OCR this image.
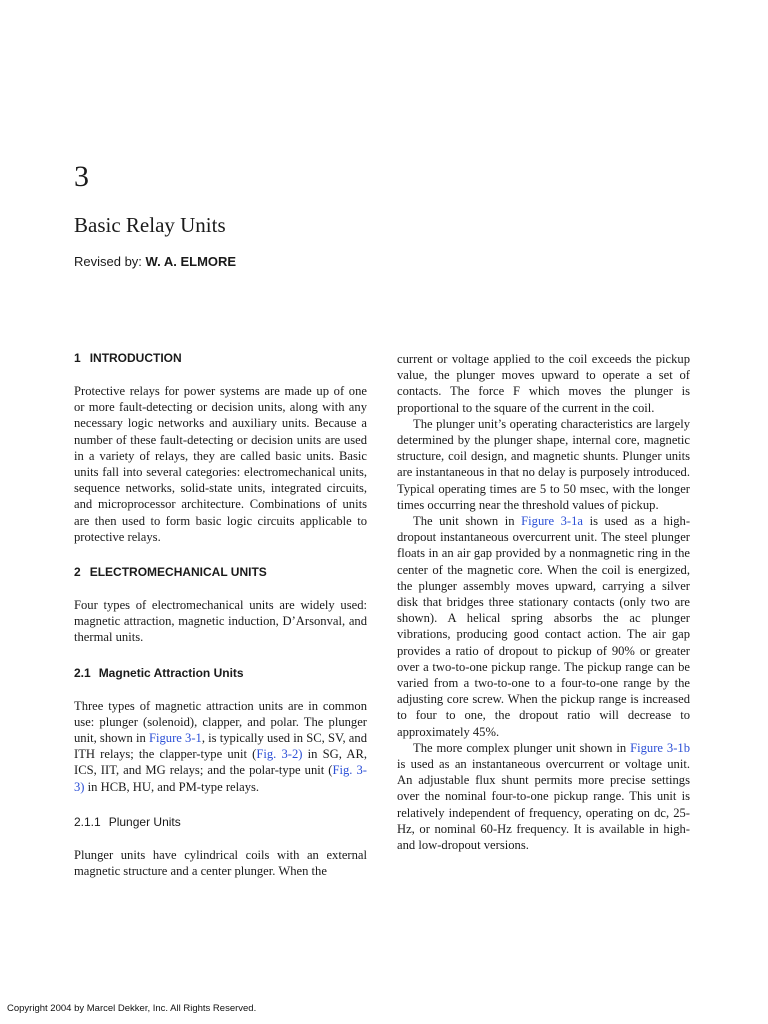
3
Basic Relay Units
Revised by: W. A. ELMORE
1 INTRODUCTION

Protective relays for power systems are made up of one or more fault-detecting or decision units, along with any necessary logic networks and auxiliary units. Because a number of these fault-detecting or decision units are used in a variety of relays, they are called basic units. Basic units fall into several categories: electromechanical units, sequence networks, solid-state units, integrated circuits, and microprocessor architecture. Combinations of units are then used to form basic logic circuits applicable to protective relays.

2 ELECTROMECHANICAL UNITS

Four types of electromechanical units are widely used: magnetic attraction, magnetic induction, D’Arsonval, and thermal units.

2.1 Magnetic Attraction Units

Three types of magnetic attraction units are in common use: plunger (solenoid), clapper, and polar. The plunger unit, shown in Figure 3-1, is typically used in SC, SV, and ITH relays; the clapper-type unit (Fig. 3-2) in SG, AR, ICS, IIT, and MG relays; and the polar-type unit (Fig. 3-3) in HCB, HU, and PM-type relays.

2.1.1 Plunger Units

Plunger units have cylindrical coils with an external magnetic structure and a center plunger. When the

current or voltage applied to the coil exceeds the pickup value, the plunger moves upward to operate a set of contacts. The force F which moves the plunger is proportional to the square of the current in the coil.

The plunger unit’s operating characteristics are largely determined by the plunger shape, internal core, magnetic structure, coil design, and magnetic shunts. Plunger units are instantaneous in that no delay is purposely introduced. Typical operating times are 5 to 50 msec, with the longer times occurring near the threshold values of pickup.

The unit shown in Figure 3-1a is used as a high-dropout instantaneous overcurrent unit. The steel plunger floats in an air gap provided by a nonmagnetic ring in the center of the magnetic core. When the coil is energized, the plunger assembly moves upward, carrying a silver disk that bridges three stationary contacts (only two are shown). A helical spring absorbs the ac plunger vibrations, producing good contact action. The air gap provides a ratio of dropout to pickup of 90% or greater over a two-to-one pickup range. The pickup range can be varied from a two-to-one to a four-to-one range by the adjusting core screw. When the pickup range is increased to four to one, the dropout ratio will decrease to approximately 45%.

The more complex plunger unit shown in Figure 3-1b is used as an instantaneous overcurrent or voltage unit. An adjustable flux shunt permits more precise settings over the nominal four-to-one pickup range. This unit is relatively independent of frequency, operating on dc, 25-Hz, or nominal 60-Hz frequency. It is available in high- and low-dropout versions.

Copyright 2004 by Marcel Dekker, Inc. All Rights Reserved.
